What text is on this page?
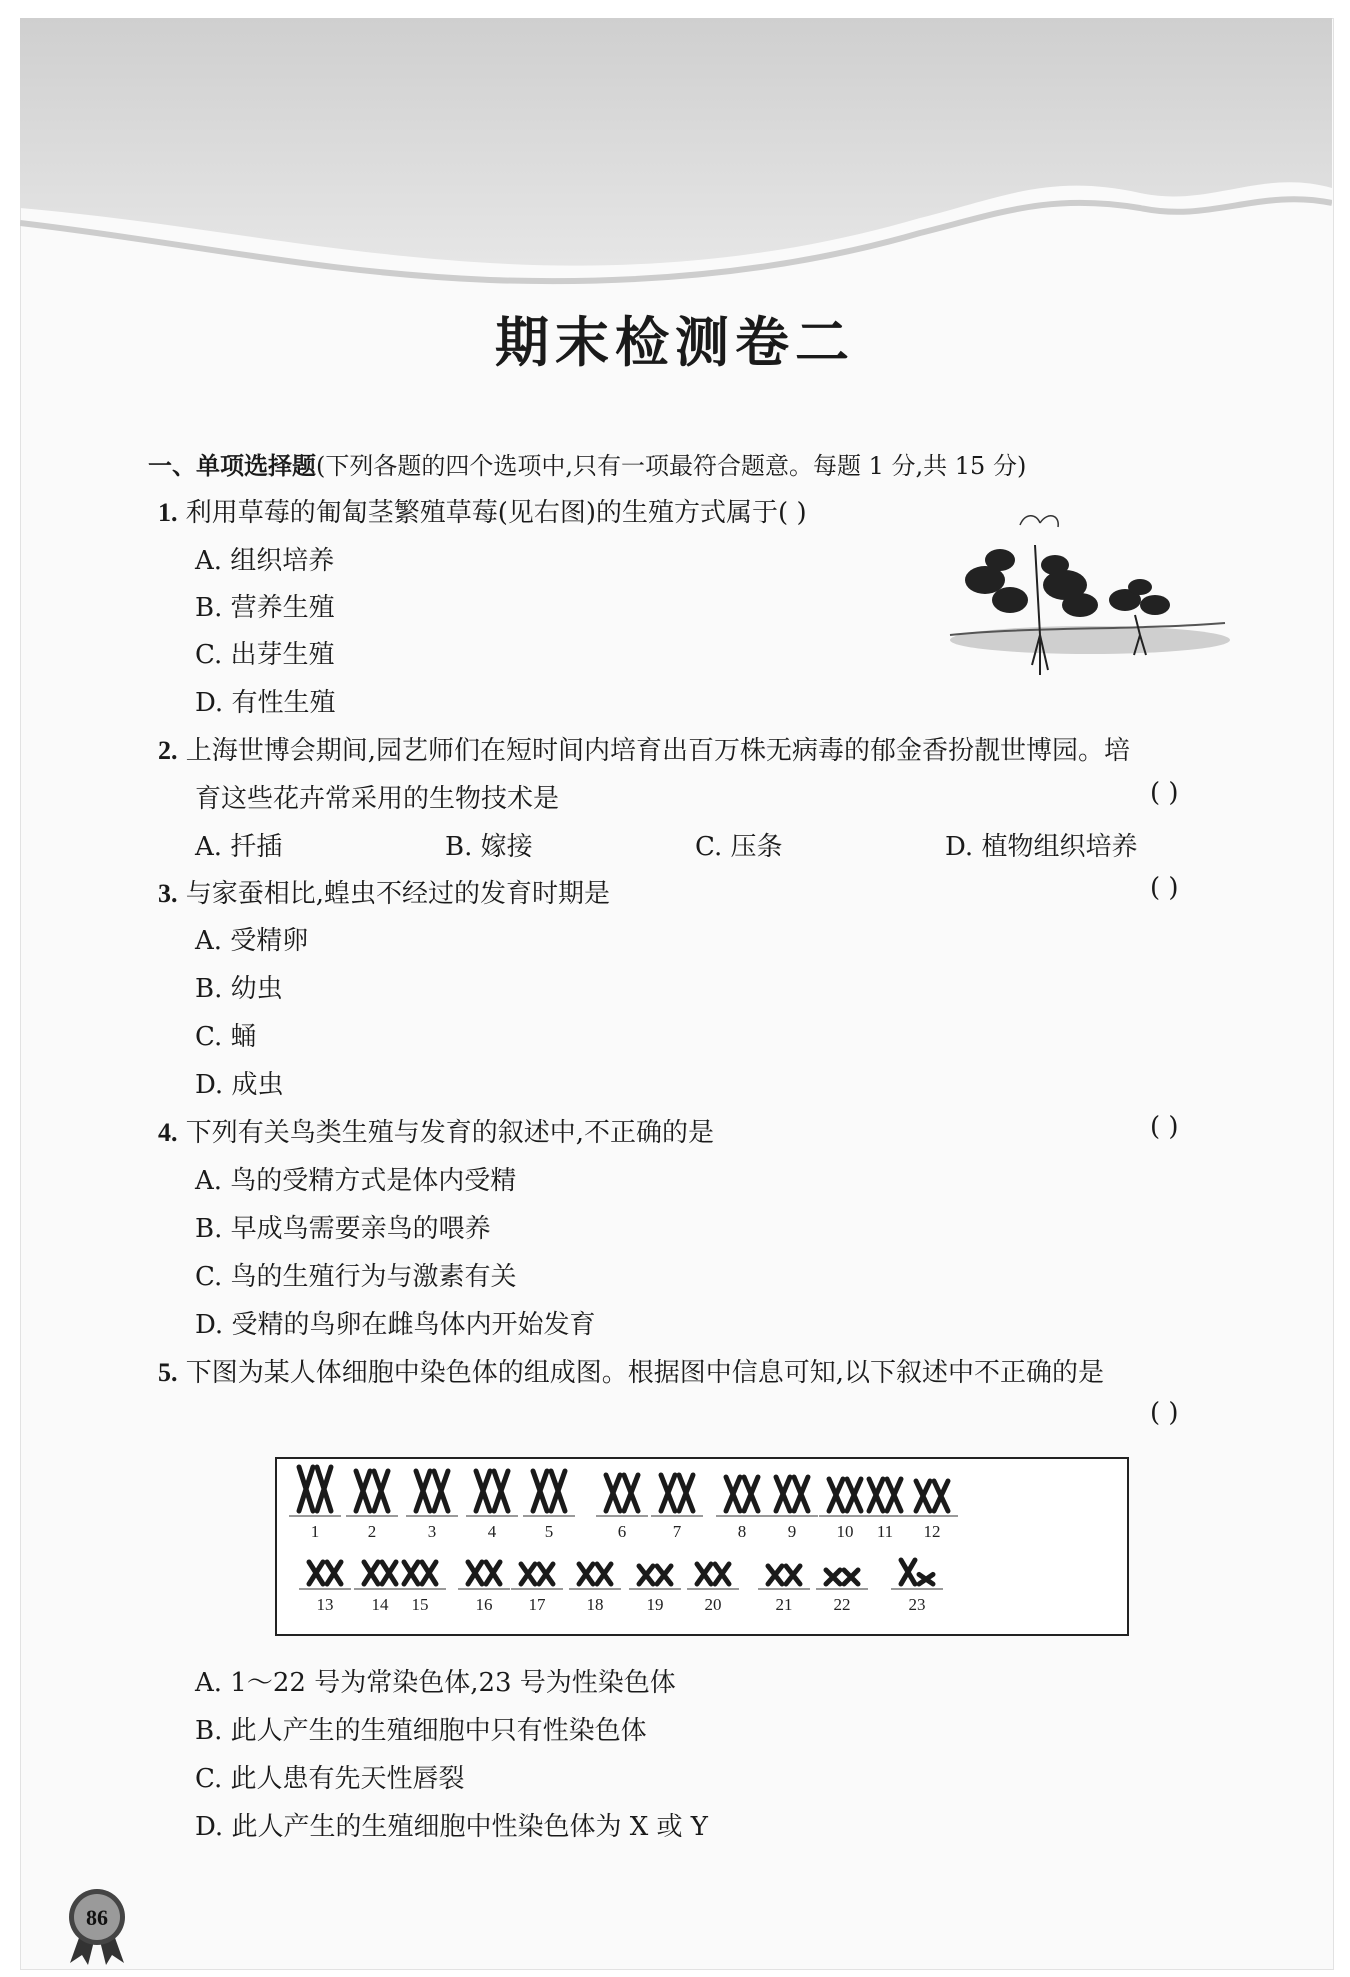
期末检测卷二
一、单项选择题(下列各题的四个选项中,只有一项最符合题意。每题 1 分,共 15 分)
1. 利用草莓的匍匐茎繁殖草莓(见右图)的生殖方式属于( )
A. 组织培养
B. 营养生殖
C. 出芽生殖
D. 有性生殖
2. 上海世博会期间,园艺师们在短时间内培育出百万株无病毒的郁金香扮靓世博园。培
育这些花卉常采用的生物技术是	( )
A. 扦插	B. 嫁接	C. 压条	D. 植物组织培养
3. 与家蚕相比,蝗虫不经过的发育时期是	( )
A. 受精卵
B. 幼虫
C. 蛹
D. 成虫
4. 下列有关鸟类生殖与发育的叙述中,不正确的是	( )
A. 鸟的受精方式是体内受精
B. 早成鸟需要亲鸟的喂养
C. 鸟的生殖行为与激素有关
D. 受精的鸟卵在雌鸟体内开始发育
5. 下图为某人体细胞中染色体的组成图。根据图中信息可知,以下叙述中不正确的是
( )
1	2	3	4	5	6	7	8 9 10 11 12
13 14 15	16 17 18	19 20	21 22	23
A. 1～22 号为常染色体,23 号为性染色体
B. 此人产生的生殖细胞中只有性染色体
C. 此人患有先天性唇裂
D. 此人产生的生殖细胞中性染色体为 X 或 Y
86
